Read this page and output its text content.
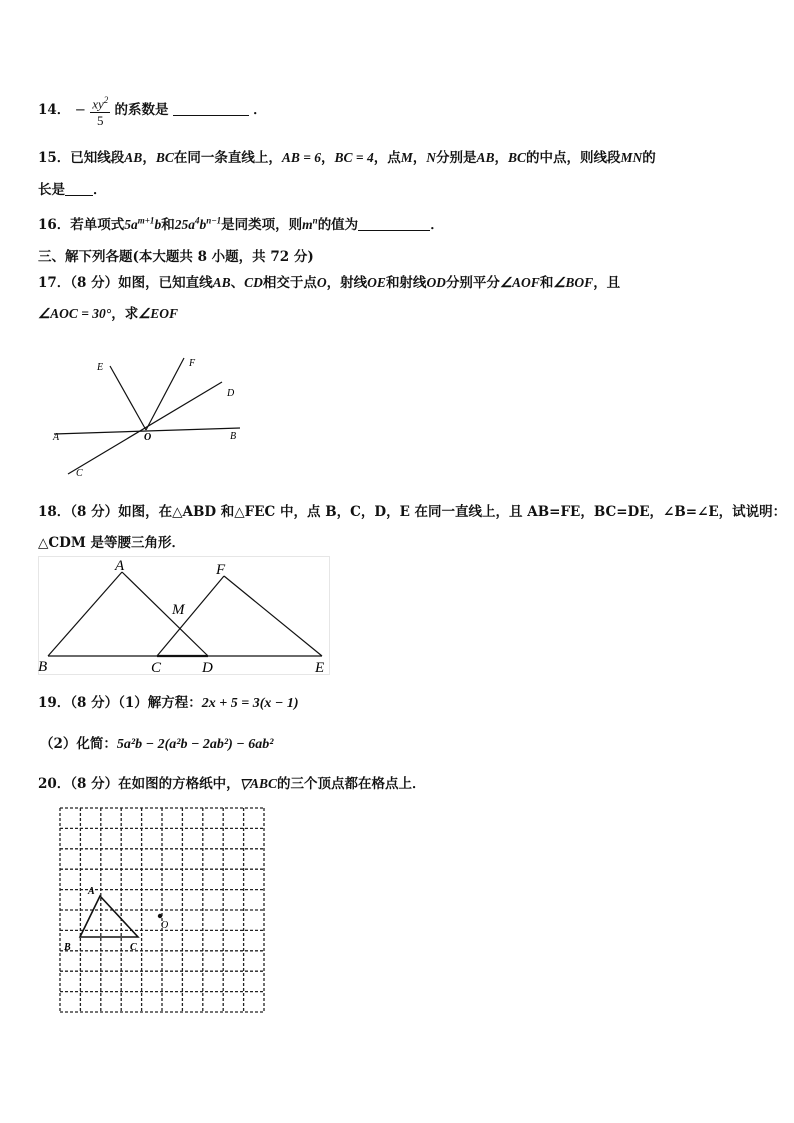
14． − $\frac{xy^2}{5}$ 的系数是	．
15．已知线段AB，BC在同一条直线上，AB = 6，BC = 4，点M，N分别是AB，BC的中点，则线段MN的
长是 ．
16．若单项式$5a^{m+1}b$和$25a^4b^{n-1}$是同类项，则$m^n$的值为	．
三、解下列各题(本大题共 8 小题，共 72 分)
17．（8 分）如图，已知直线AB、CD相交于点O，射线OE和射线OD分别平分∠AOF和∠BOF，且
∠AOC = 30°，求∠EOF
E	F
D
A	O	B
C
18．（8 分）如图，在△ABD 和△FEC 中，点 B，C，D，E 在同一直线上，且 AB=FE，BC=DE，∠B=∠E，试说明：
△CDM 是等腰三角形．
A	F
M
B	C	D	E
19．（8 分）（1）解方程：2x + 5 = 3(x − 1)
（2）化简：5a²b − 2(a²b − 2ab²) − 6ab²
20．（8 分）在如图的方格纸中，▽ABC的三个顶点都在格点上．
A
B	C
O
